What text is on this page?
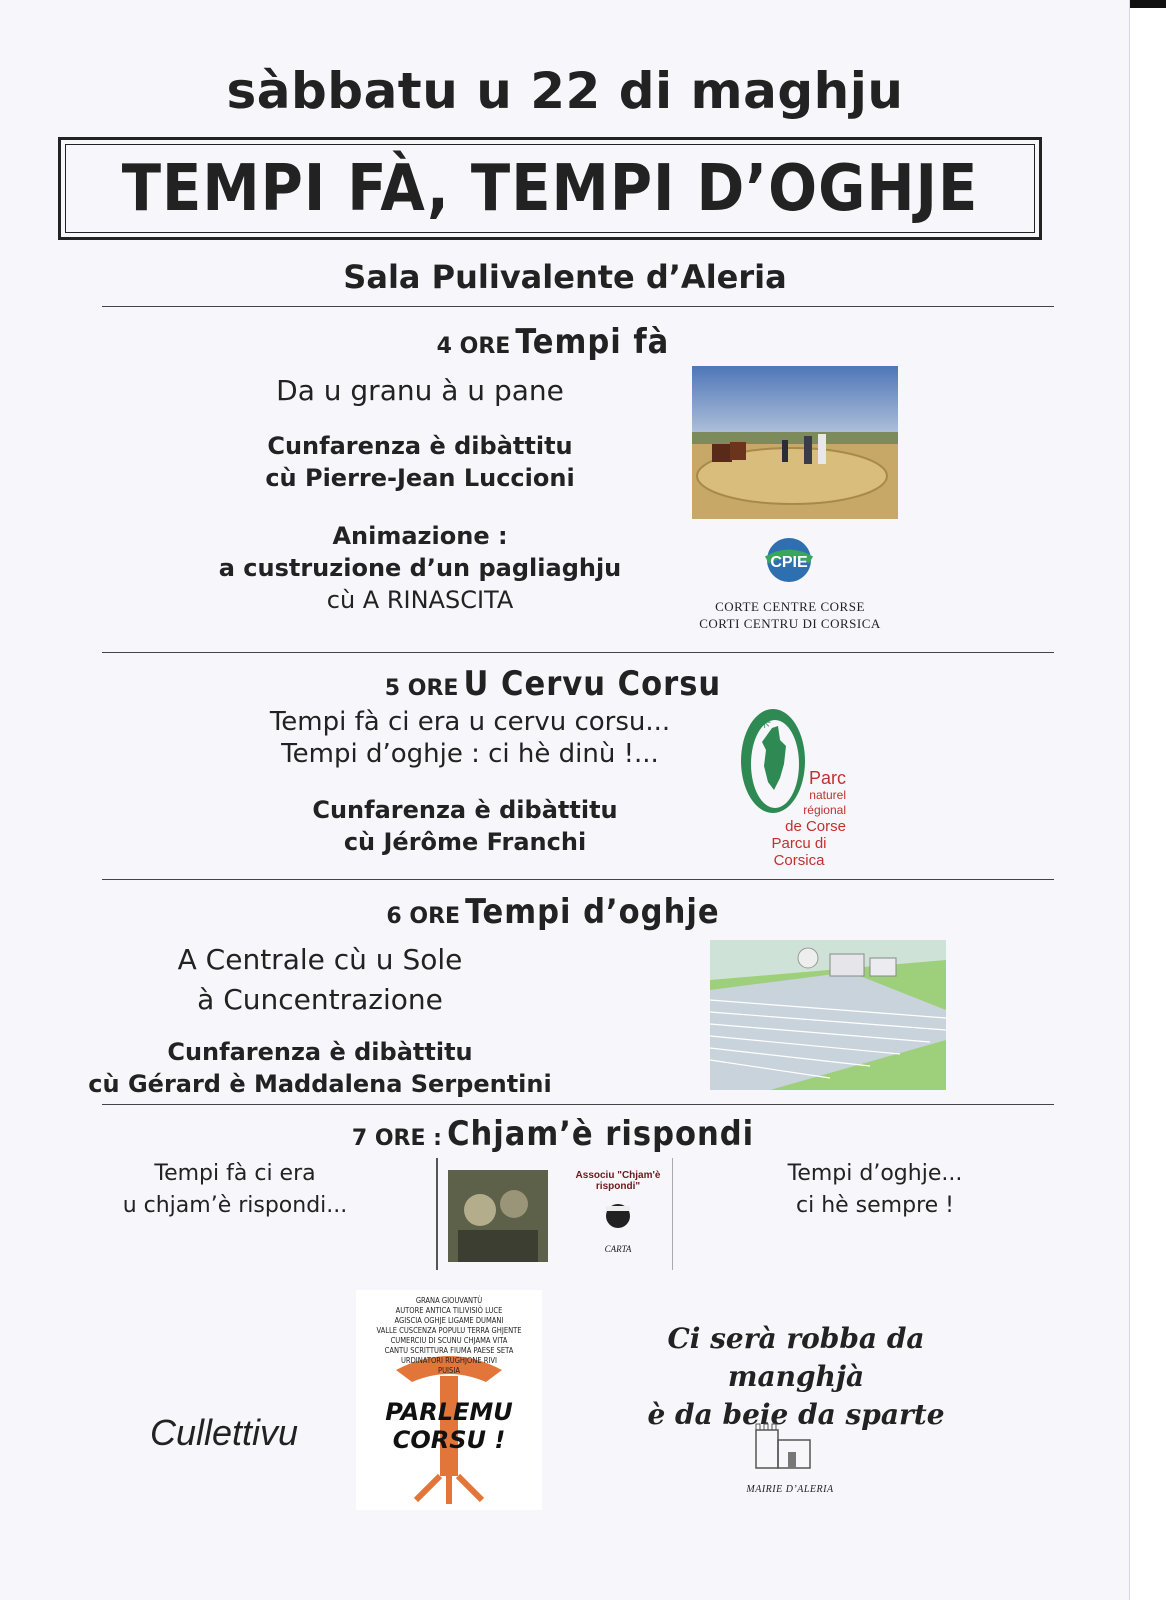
sàbbatu u 22 di maghju
TEMPI FÀ, TEMPI D’OGHJE
Sala Pulivalente d’Aleria
4 ORE Tempi fà
Da u granu à u pane
Cunfarenza è dibàttitu
cù Pierre-Jean Luccioni
Animazione :
a custruzione d’un pagliaghju
cù A RINASCITA
CPIE
CORTE CENTRE CORSE
CORTI CENTRU DI CORSICA
5 ORE U Cervu Corsu
Tempi fà ci era u cervu corsu...
Tempi d’oghje : ci hè dinù !...
Cunfarenza è dibàttitu
cù Jérôme Franchi
✳
Parc
naturel
régional
de Corse
Parcu di Corsica
6 ORE Tempi d’oghje
A Centrale cù u Sole
à Cuncentrazione
Cunfarenza è dibàttitu
cù Gérard è Maddalena Serpentini
7 ORE : Chjam’è rispondi
Tempi fà ci era
u chjam’è rispondi...
Tempi d’oghje...
ci hè sempre !
Associu "Chjam'è rispondi"
CARTA
Cullettivu
GRANA GIOUVANTÙ
AUTORE ANTICA TILIVISIÒ LUCE
AGISCIA OGHJE LIGAME DUMANI
VALLE CUSCENZA POPULU TERRA GHJENTE
CUMERCIU DI SCUNU CHJAMA VITA
CANTU SCRITTURA FIUMA PAESE SETA
URDINATORI RUGHJONE RIVI
PUISIA
PARLEMU
CORSU !
Ci serà robba da manghjà
è da beie da sparte
MAIRIE D’ALERIA
